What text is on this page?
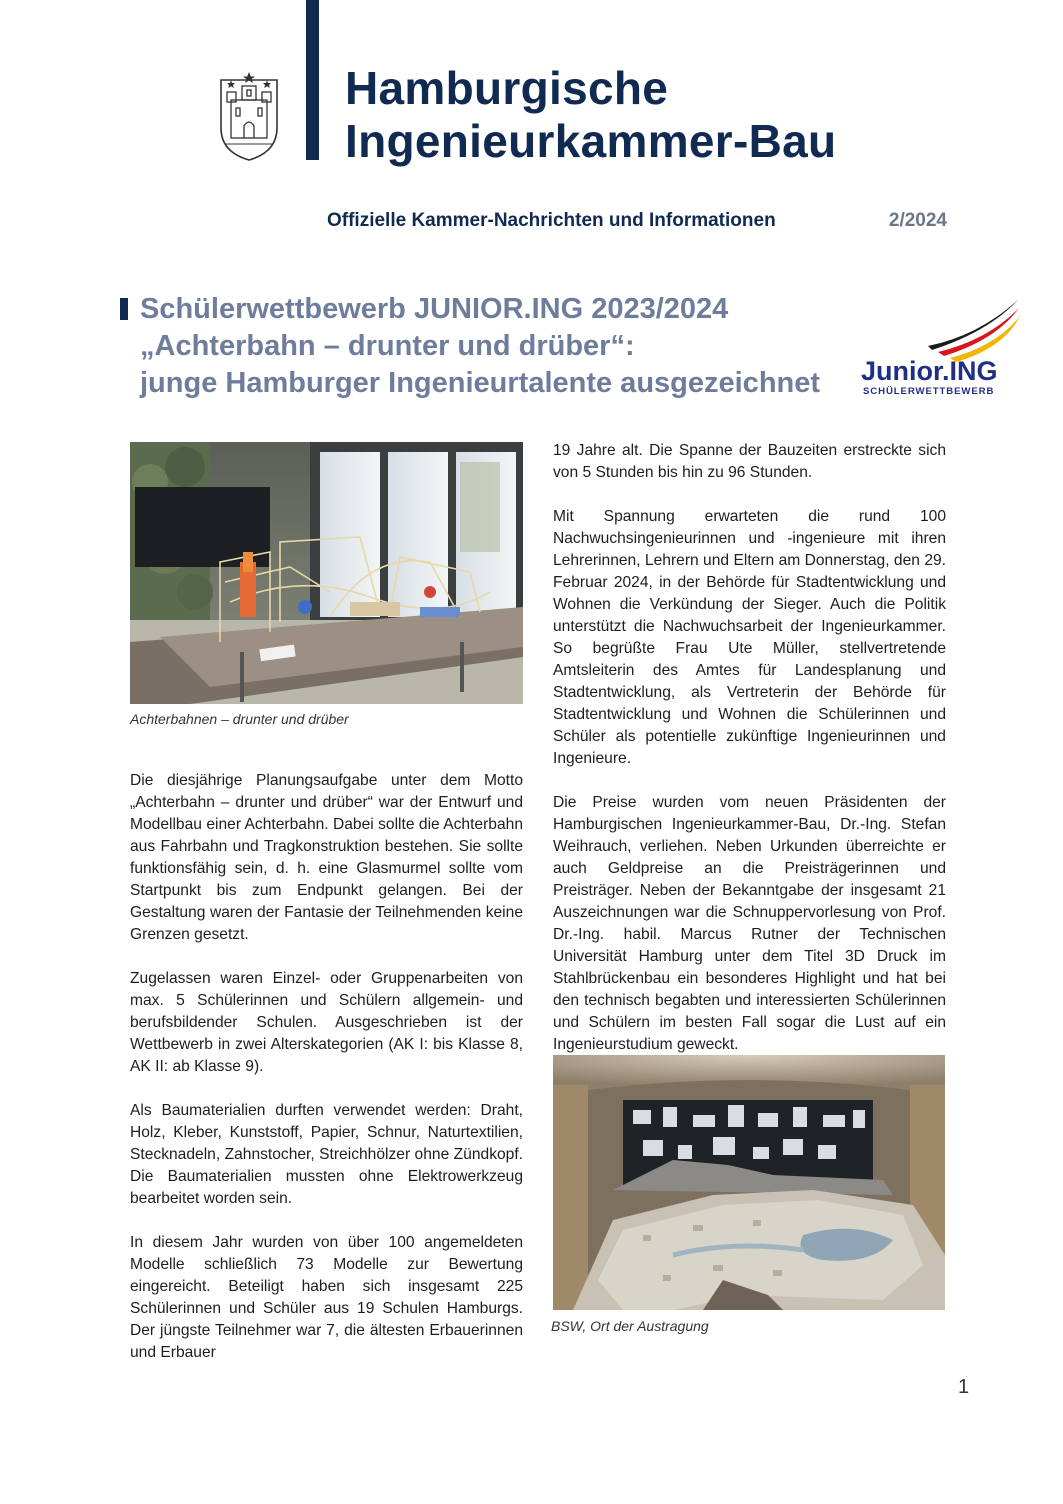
Hamburgische
Ingenieurkammer-Bau
Offizielle Kammer-Nachrichten und Informationen	2/2024
Schülerwettbewerb JUNIOR.ING 2023/2024
„Achterbahn – drunter und drüber“:
junge Hamburger Ingenieurtalente ausgezeichnet	Junior.ING
SCHÜLERWETTBEWERB
Achterbahnen – drunter und drüber

Die diesjährige Planungsaufgabe unter dem Motto „Achterbahn – drunter und drüber“ war der Entwurf und Modellbau einer Achterbahn. Dabei sollte die Achterbahn aus Fahrbahn und Tragkonstruktion bestehen. Sie sollte funktionsfähig sein, d. h. eine Glasmurmel sollte vom Startpunkt bis zum Endpunkt gelangen. Bei der Gestaltung waren der Fantasie der Teilnehmenden keine Grenzen gesetzt.

Zugelassen waren Einzel- oder Gruppenarbeiten von max. 5 Schülerinnen und Schülern allgemein- und berufsbildender Schulen. Ausgeschrieben ist der Wettbewerb in zwei Alterskategorien (AK I: bis Klasse 8, AK II: ab Klasse 9).

Als Baumaterialien durften verwendet werden: Draht, Holz, Kleber, Kunststoff, Papier, Schnur, Naturtextilien, Stecknadeln, Zahnstocher, Streichhölzer ohne Zündkopf. Die Baumaterialien mussten ohne Elektrowerkzeug bearbeitet worden sein.

In diesem Jahr wurden von über 100 angemeldeten Modelle schließlich 73 Modelle zur Bewertung eingereicht. Beteiligt haben sich insgesamt 225 Schülerinnen und Schüler aus 19 Schulen Hamburgs. Der jüngste Teilnehmer war 7, die ältesten Erbauerinnen und Erbauer

19 Jahre alt. Die Spanne der Bauzeiten erstreckte sich von 5 Stunden bis hin zu 96 Stunden.

Mit Spannung erwarteten die rund 100 Nachwuchsingenieurinnen und -ingenieure mit ihren Lehrerinnen, Lehrern und Eltern am Donnerstag, den 29. Februar 2024, in der Behörde für Stadtentwicklung und Wohnen die Verkündung der Sieger. Auch die Politik unterstützt die Nachwuchsarbeit der Ingenieurkammer. So begrüßte Frau Ute Müller, stellvertretende Amtsleiterin des Amtes für Landesplanung und Stadtentwicklung, als Vertreterin der Behörde für Stadtentwicklung und Wohnen die Schülerinnen und Schüler als potentielle zukünftige Ingenieurinnen und Ingenieure.

Die Preise wurden vom neuen Präsidenten der Hamburgischen Ingenieurkammer-Bau, Dr.-Ing. Stefan Weihrauch, verliehen. Neben Urkunden überreichte er auch Geldpreise an die Preisträgerinnen und Preisträger. Neben der Bekanntgabe der insgesamt 21 Auszeichnungen war die Schnuppervorlesung von Prof. Dr.-Ing. habil. Marcus Rutner der Technischen Universität Hamburg unter dem Titel 3D Druck im Stahlbrückenbau ein besonderes Highlight und hat bei den technisch begabten und interessierten Schülerinnen und Schülern im besten Fall sogar die Lust auf ein Ingenieurstudium geweckt.

BSW, Ort der Austragung
1
